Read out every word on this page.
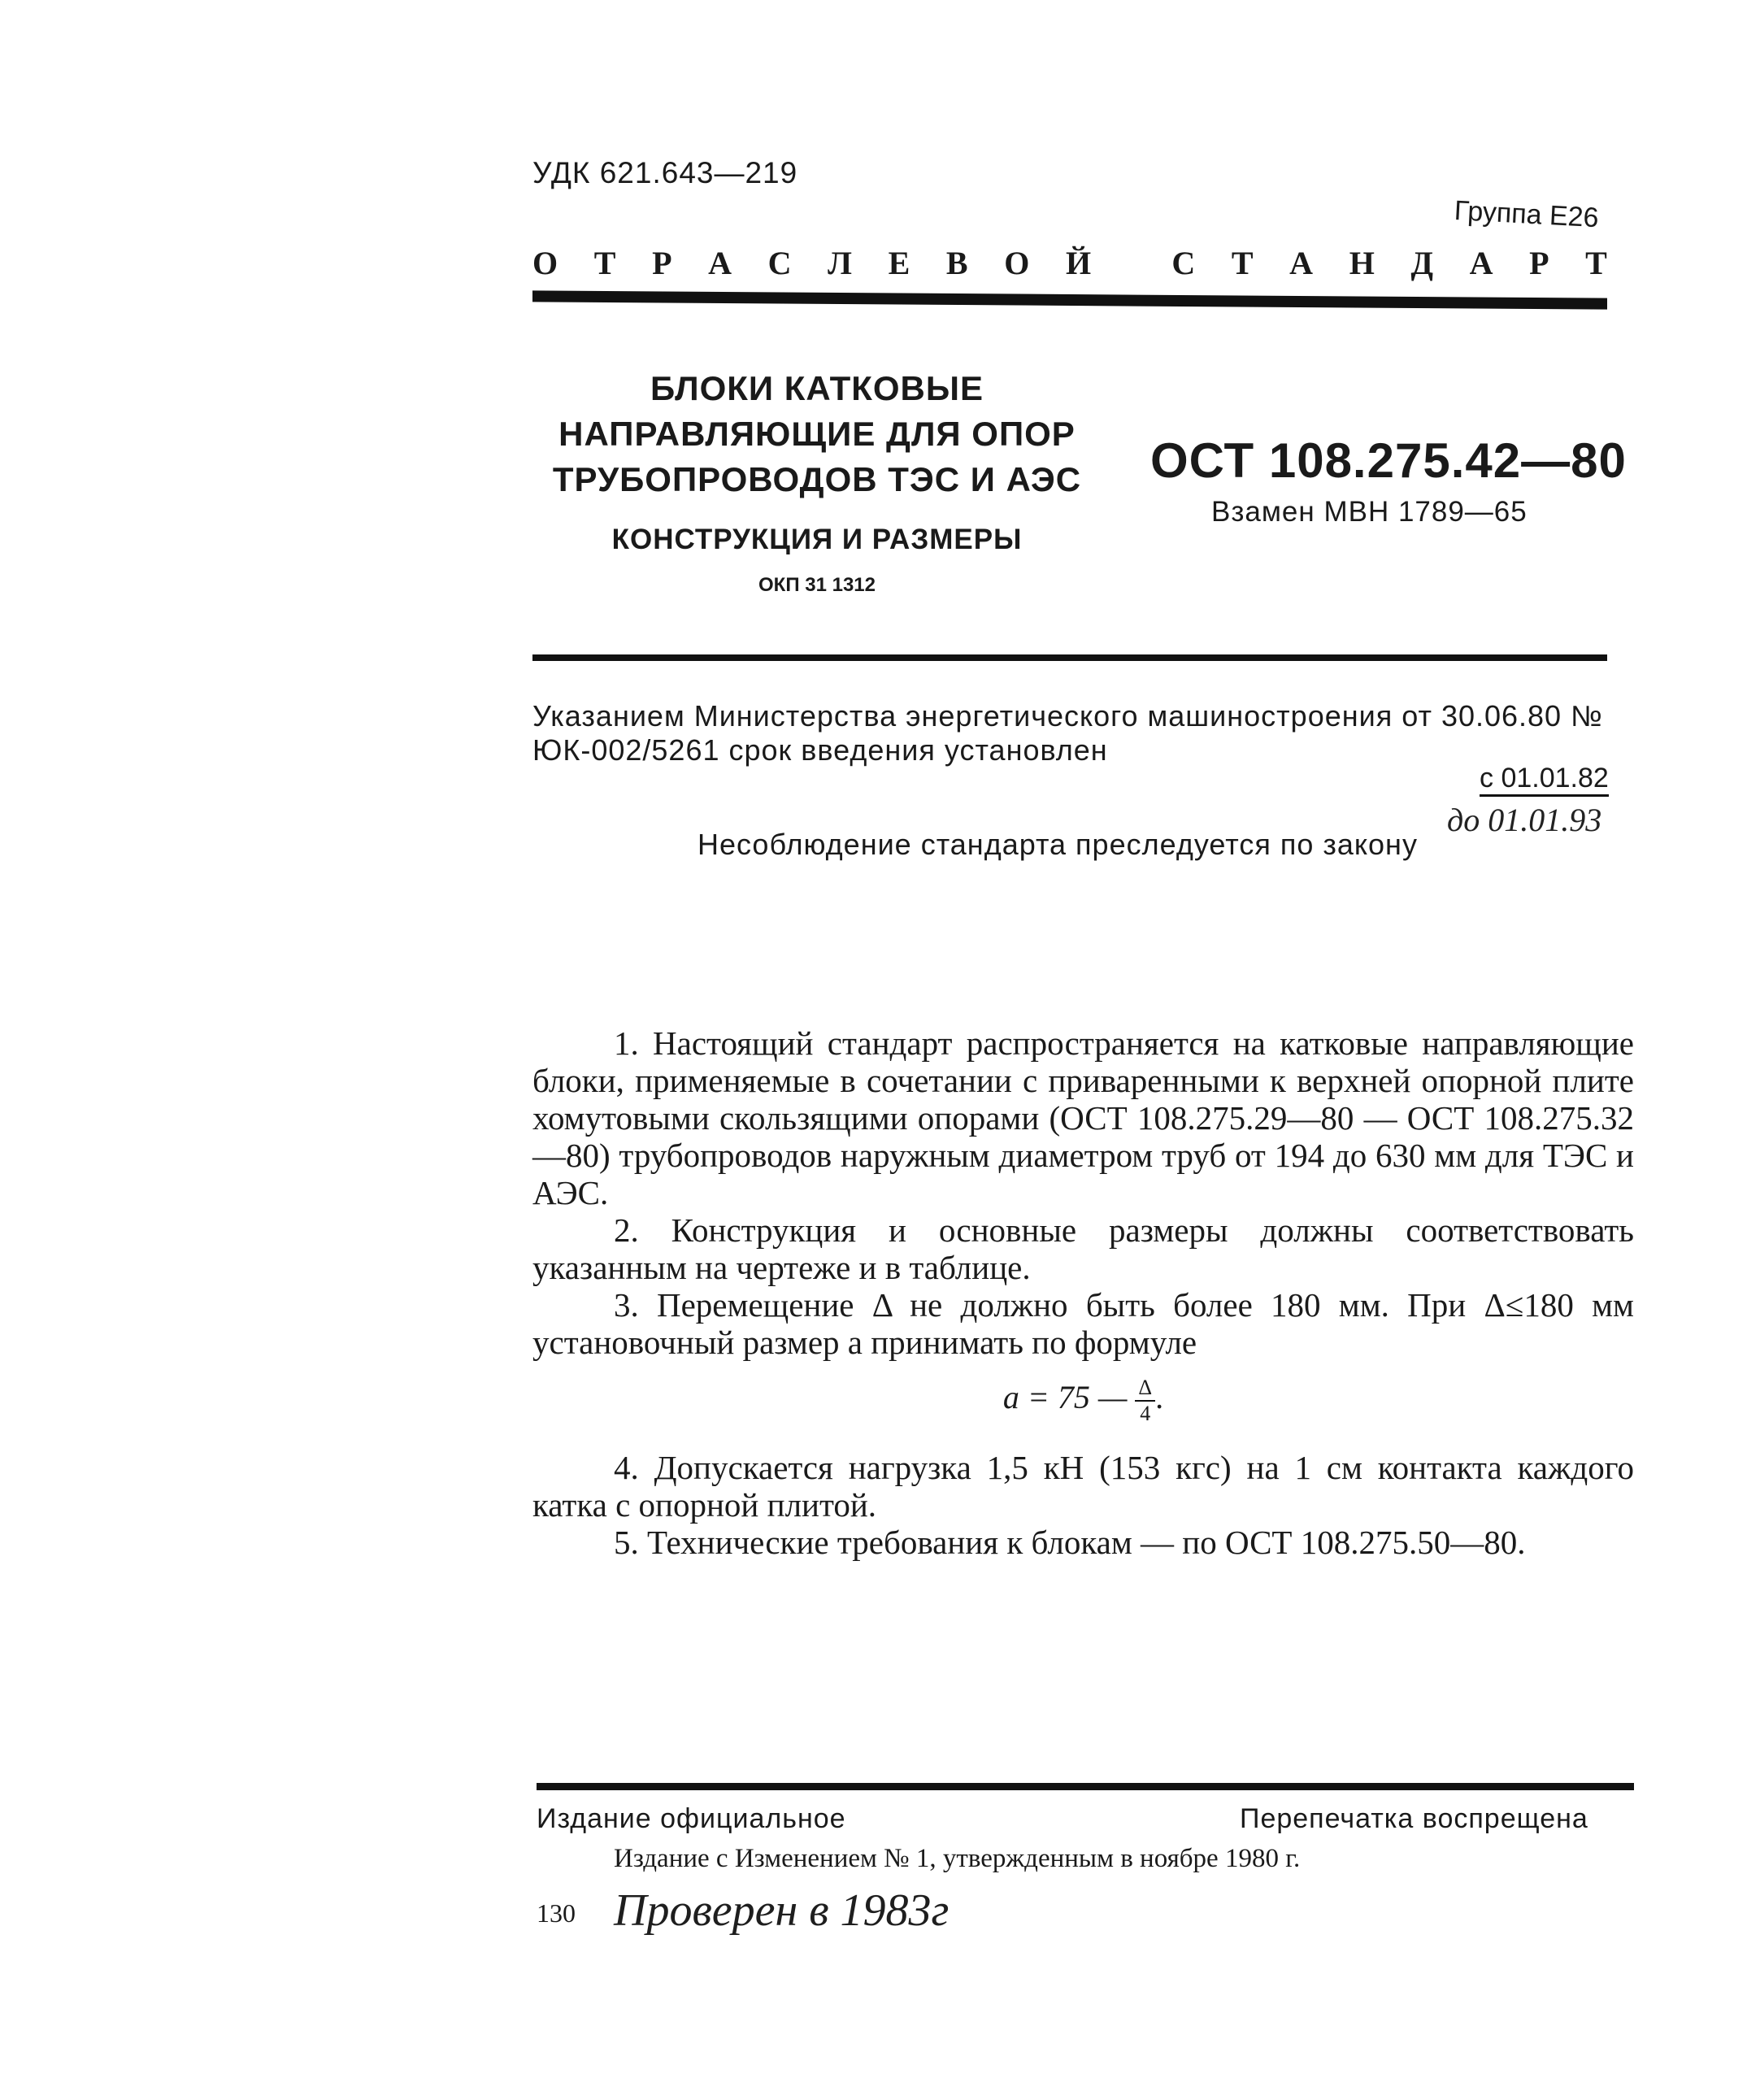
УДК 621.643—219
Группа Е26
О Т Р А С Л Е В О Й
С Т А Н Д А Р Т
БЛОКИ КАТКОВЫЕ
НАПРАВЛЯЮЩИЕ ДЛЯ ОПОР
ТРУБОПРОВОДОВ ТЭС И АЭС
КОНСТРУКЦИЯ И РАЗМЕРЫ
ОКП 31 1312
ОСТ 108.275.42—80
Взамен МВН 1789—65
Указанием Министерства энергетического машиностроения от 30.06.80 № ЮК-002/5261 срок введения установлен
с 01.01.82
до 01.01.93
Несоблюдение стандарта преследуется по закону

1. Настоящий стандарт распространяется на катковые направляющие блоки, применяемые в сочетании с приваренными к верхней опорной плите хомутовыми скользящими опорами (ОСТ 108.275.29—80 — ОСТ 108.275.32—80) трубопроводов наружным диаметром труб от 194 до 630 мм для ТЭС и АЭС.

2. Конструкция и основные размеры должны соответствовать указанным на чертеже и в таблице.

3. Перемещение Δ не должно быть более 180 мм. При Δ≤180 мм установочный размер a принимать по формуле

a = 75 — $\frac{\Delta}{4}$ .

4. Допускается нагрузка 1,5 кН (153 кгс) на 1 см контакта каждого катка с опорной плитой.

5. Технические требования к блокам — по ОСТ 108.275.50—80.

Издание официальное	Перепечатка воспрещена
Издание с Изменением № 1, утвержденным в ноябре 1980 г.
130 Проверен в 1983г
